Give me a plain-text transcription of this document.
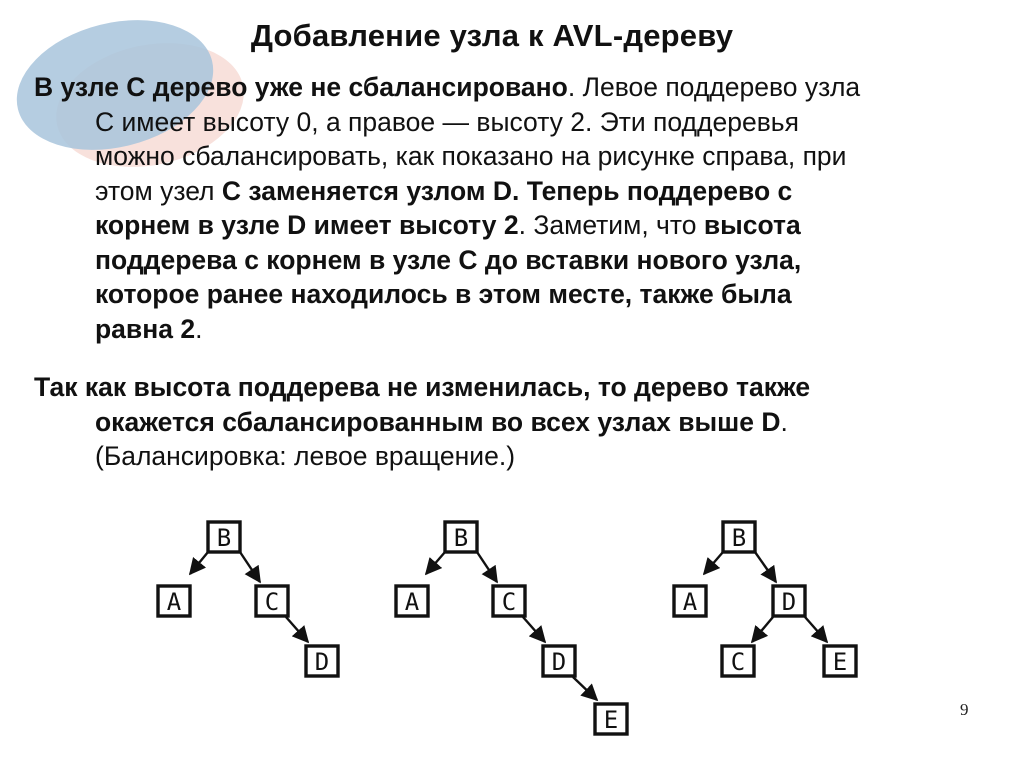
Добавление узла к AVL-дереву
В узле С дерево уже не сбалансировано. Левое поддерево узла
С имеет высоту 0, а правое — высоту 2. Эти поддеревья
можно сбалансировать, как показано на рисунке справа, при
этом узел С заменяется узлом D. Теперь поддерево с
корнем в узле D имеет высоту 2. Заметим, что высота
поддерева с корнем в узле С до вставки нового узла,
которое ранее находилось в этом месте, также была
равна 2.
Так как высота поддерева не изменилась, то дерево также
окажется сбалансированным во всех узлах выше D.
(Балансировка: левое вращение.)
B
A	C
D
B
A	C
D
E
B
A	D
C	E
9
